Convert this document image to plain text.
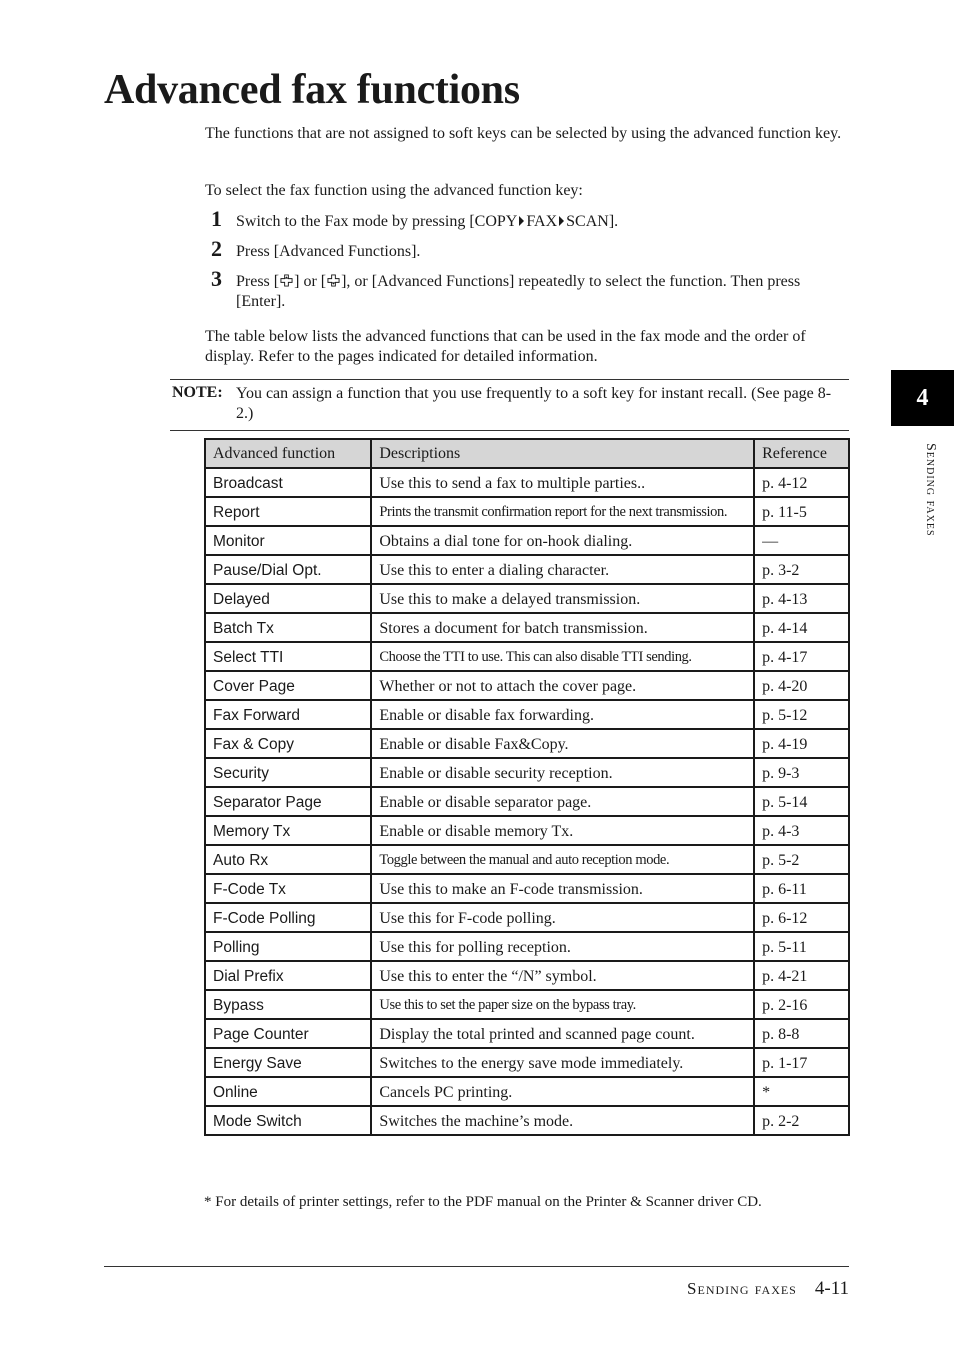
Advanced fax functions

The functions that are not assigned to soft keys can be selected by using the advanced function key.

To select the fax function using the advanced function key:

1 Switch to the Fax mode by pressing [COPY FAX SCAN].
2 Press [Advanced Functions].
3 Press [ ] or [ ], or [Advanced Functions] repeatedly to select the function. Then press [Enter].

The table below lists the advanced functions that can be used in the fax mode and the order of display. Refer to the pages indicated for detailed information.

NOTE: You can assign a function that you use frequently to a soft key for instant recall. (See page 8-2.)
Advanced function	Descriptions	Reference
Broadcast	Use this to send a fax to multiple parties..	p. 4-12
Report	Prints the transmit confirmation report for the next transmission.	p. 11-5
Monitor	Obtains a dial tone for on-hook dialing.	—
Pause/Dial Opt.	Use this to enter a dialing character.	p. 3-2
Delayed	Use this to make a delayed transmission.	p. 4-13
Batch Tx	Stores a document for batch transmission.	p. 4-14
Select TTI	Choose the TTI to use. This can also disable TTI sending.	p. 4-17
Cover Page	Whether or not to attach the cover page.	p. 4-20
Fax Forward	Enable or disable fax forwarding.	p. 5-12
Fax & Copy	Enable or disable Fax&Copy.	p. 4-19
Security	Enable or disable security reception.	p. 9-3
Separator Page	Enable or disable separator page.	p. 5-14
Memory Tx	Enable or disable memory Tx.	p. 4-3
Auto Rx	Toggle between the manual and auto reception mode.	p. 5-2
F-Code Tx	Use this to make an F-code transmission.	p. 6-11
F-Code Polling	Use this for F-code polling.	p. 6-12
Polling	Use this for polling reception.	p. 5-11
Dial Prefix	Use this to enter the “/N” symbol.	p. 4-21
Bypass	Use this to set the paper size on the bypass tray.	p. 2-16
Page Counter	Display the total printed and scanned page count.	p. 8-8
Energy Save	Switches to the energy save mode immediately.	p. 1-17
Online	Cancels PC printing.	*
Mode Switch	Switches the machine’s mode.	p. 2-2
* For details of printer settings, refer to the PDF manual on the Printer & Scanner driver CD.
4
Sending faxes
Sending faxes 4-11
